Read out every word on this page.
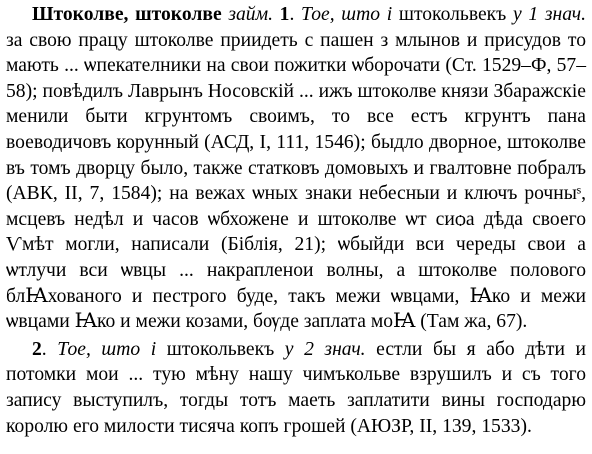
Штоколве, штоколве займ. 1. Тое, што і штокольвекъ у 1 знач. за свою працу штоколве приидеть с пашен з млынов и присудов то мають ... ѡпекателники на свои пожитки ѡборочати (Ст. 1529–Ф, 57–58); повѣдилъ Лаврынъ Носовскій ... ижъ штоколве князи Збаражскіе менили быти кгрунтомъ своимъ, то все естъ кгрунтъ пана воеводичовъ корунный (АСД, І, 111, 1546); быдло дворное, штоколве въ томъ дворцу было, также статковъ домовыхъ и гвалтовне побралъ (АВК, ІІ, 7, 1584); на вежах ѡных знаки небесныи и ключъ рочныˢ, мсцевъ недѣл и часов ѡбхожене и штоколве ѡт сиѻа дѣда своего Ѵмѣт могли, написали (Біблія, 21); ѡбыйди вси череды свои а ѡтлучи вси ѡвцы ... накрапленои волны, а штоколве полового блꙖхованого и пестрого буде, такъ межи ѡвцами, Ꙗко и межи ѡвцами Ꙗко и межи козами, бѹде заплата моꙖ (Там жа, 67).

2. Тое, што і штокольвекъ у 2 знач. естли бы я або дѣти и потомки мои ... тую мѣну нашу чимъкольве взрушилъ и съ того запису выступилъ, тогды тотъ маеть заплатити вины господарю королю его милости тисяча копъ грошей (АЮЗР, ІІ, 139, 1533).
